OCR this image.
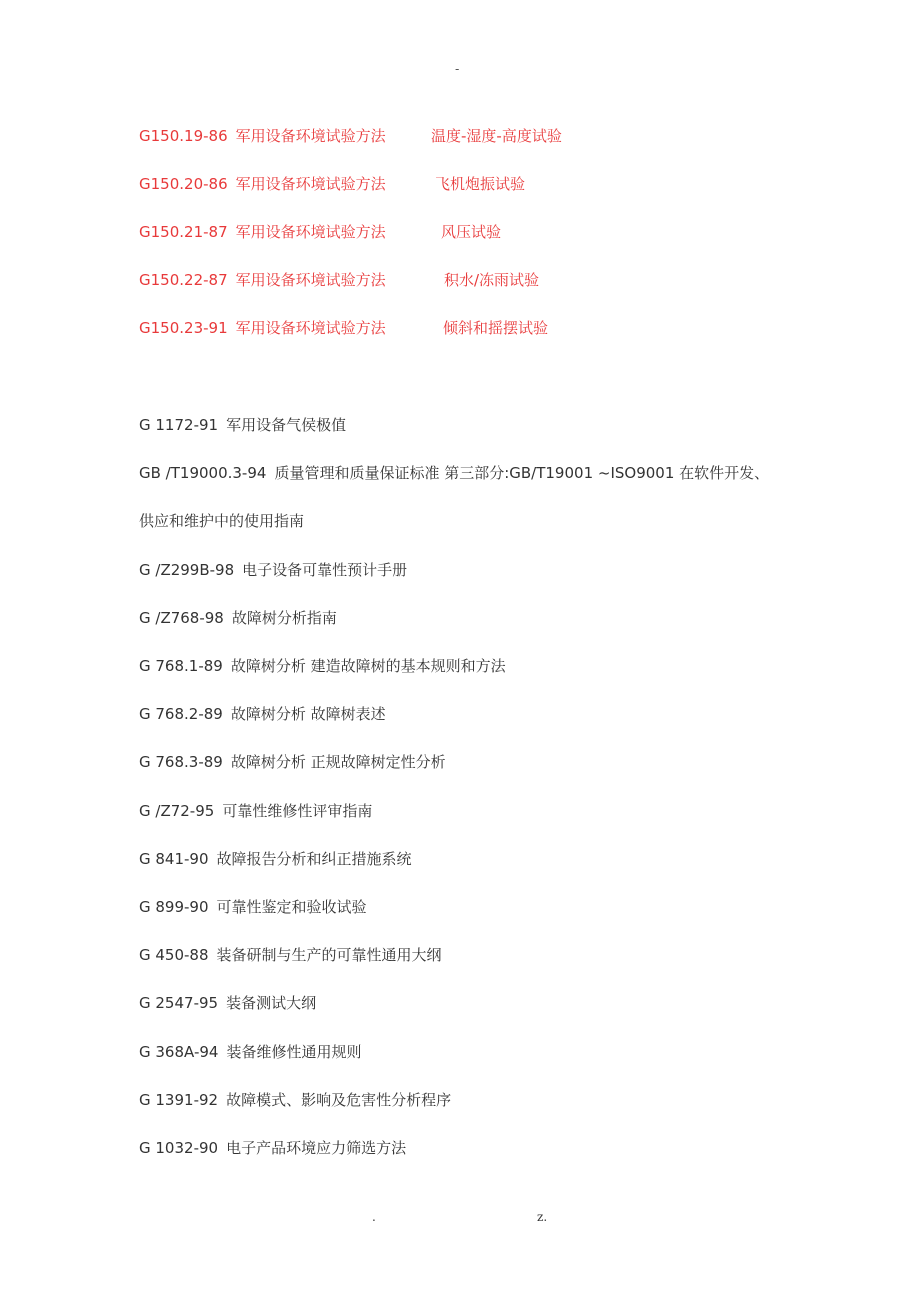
-
G150.19-86 军用设备环境试验方法	温度-湿度-高度试验
G150.20-86 军用设备环境试验方法	飞机炮振试验
G150.21-87 军用设备环境试验方法	风压试验
G150.22-87 军用设备环境试验方法	积水/冻雨试验
G150.23-91 军用设备环境试验方法	倾斜和摇摆试验
G 1172-91 军用设备气侯极值
GB /T19000.3-94 质量管理和质量保证标准 第三部分:GB/T19001 ~ISO9001 在软件开发、
供应和维护中的使用指南
G /Z299B-98 电子设备可靠性预计手册
G /Z768-98 故障树分析指南
G 768.1-89 故障树分析 建造故障树的基本规则和方法
G 768.2-89 故障树分析 故障树表述
G 768.3-89 故障树分析 正规故障树定性分析
G /Z72-95 可靠性维修性评审指南
G 841-90 故障报告分析和纠正措施系统
G 899-90 可靠性鉴定和验收试验
G 450-88 装备研制与生产的可靠性通用大纲
G 2547-95 装备测试大纲
G 368A-94 装备维修性通用规则
G 1391-92 故障模式、影响及危害性分析程序
G 1032-90 电子产品环境应力筛选方法
.	z.
